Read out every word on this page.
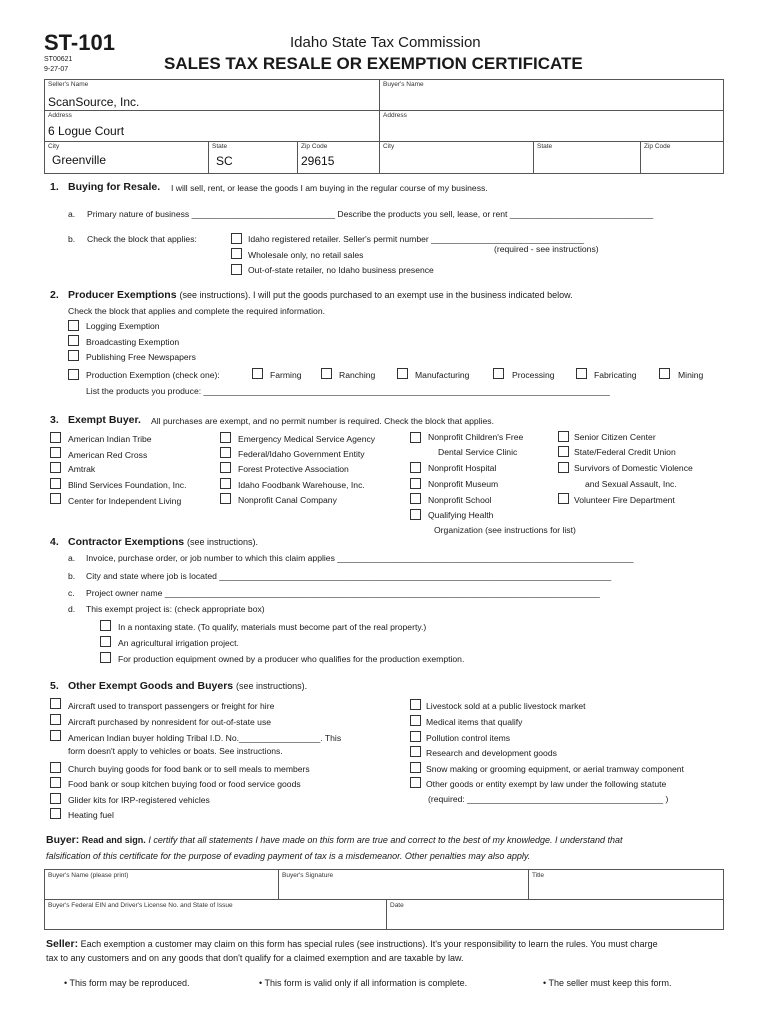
ST-101
ST00621
9-27-07
Idaho State Tax Commission
SALES TAX RESALE OR EXEMPTION CERTIFICATE
Seller's Name
ScanSource, Inc.
Buyer's Name
Address
6 Logue Court
Address
City
Greenville
State
SC
Zip Code
29615
City	State	Zip Code
1. Buying for Resale. I will sell, rent, or lease the goods I am buying in the regular course of my business.
a. Primary nature of business ______________________________ Describe the products you sell, lease, or rent ______________________________
b. Check the block that applies:	Idaho registered retailer. Seller's permit number ________________________________
(required - see instructions)
Wholesale only, no retail sales
Out-of-state retailer, no Idaho business presence
2. Producer Exemptions (see instructions). I will put the goods purchased to an exempt use in the business indicated below.
Check the block that applies and complete the required information.
Logging Exemption
Broadcasting Exemption
Publishing Free Newspapers
Production Exemption (check one):	Farming	Ranching	Manufacturing	Processing	Fabricating	Mining
List the products you produce: _____________________________________________________________________________________
3. Exempt Buyer. All purchases are exempt, and no permit number is required. Check the block that applies.
American Indian Tribe
American Red Cross
Amtrak
Blind Services Foundation, Inc.
Center for Independent Living
Emergency Medical Service Agency
Federal/Idaho Government Entity
Forest Protective Association
Idaho Foodbank Warehouse, Inc.
Nonprofit Canal Company
Nonprofit Children's Free
Dental Service Clinic
Nonprofit Hospital
Nonprofit Museum
Nonprofit School
Qualifying Health
Organization (see instructions for list)
Senior Citizen Center
State/Federal Credit Union
Survivors of Domestic Violence
and Sexual Assault, Inc.
Volunteer Fire Department
4. Contractor Exemptions (see instructions).
a. Invoice, purchase order, or job number to which this claim applies ______________________________________________________________
b. City and state where job is located __________________________________________________________________________________
c. Project owner name ___________________________________________________________________________________________
d. This exempt project is: (check appropriate box)
In a nontaxing state. (To qualify, materials must become part of the real property.)
An agricultural irrigation project.
For production equipment owned by a producer who qualifies for the production exemption.
5. Other Exempt Goods and Buyers (see instructions).
Aircraft used to transport passengers or freight for hire
Aircraft purchased by nonresident for out-of-state use
American Indian buyer holding Tribal I.D. No._________________. This
form doesn't apply to vehicles or boats. See instructions.
Church buying goods for food bank or to sell meals to members
Food bank or soup kitchen buying food or food service goods
Glider kits for IRP-registered vehicles
Heating fuel
Livestock sold at a public livestock market
Medical items that qualify
Pollution control items
Research and development goods
Snow making or grooming equipment, or aerial tramway component
Other goods or entity exempt by law under the following statute
(required: _________________________________________ )
Buyer: Read and sign. I certify that all statements I have made on this form are true and correct to the best of my knowledge. I understand that
falsification of this certificate for the purpose of evading payment of tax is a misdemeanor. Other penalties may also apply.
Buyer's Name (please print)	Buyer's Signature	Title
Buyer's Federal EIN and Driver's License No. and State of Issue	Date
Seller: Each exemption a customer may claim on this form has special rules (see instructions). It's your responsibility to learn the rules. You must charge
tax to any customers and on any goods that don't qualify for a claimed exemption and are taxable by law.
• This form may be reproduced.	• This form is valid only if all information is complete.	• The seller must keep this form.
